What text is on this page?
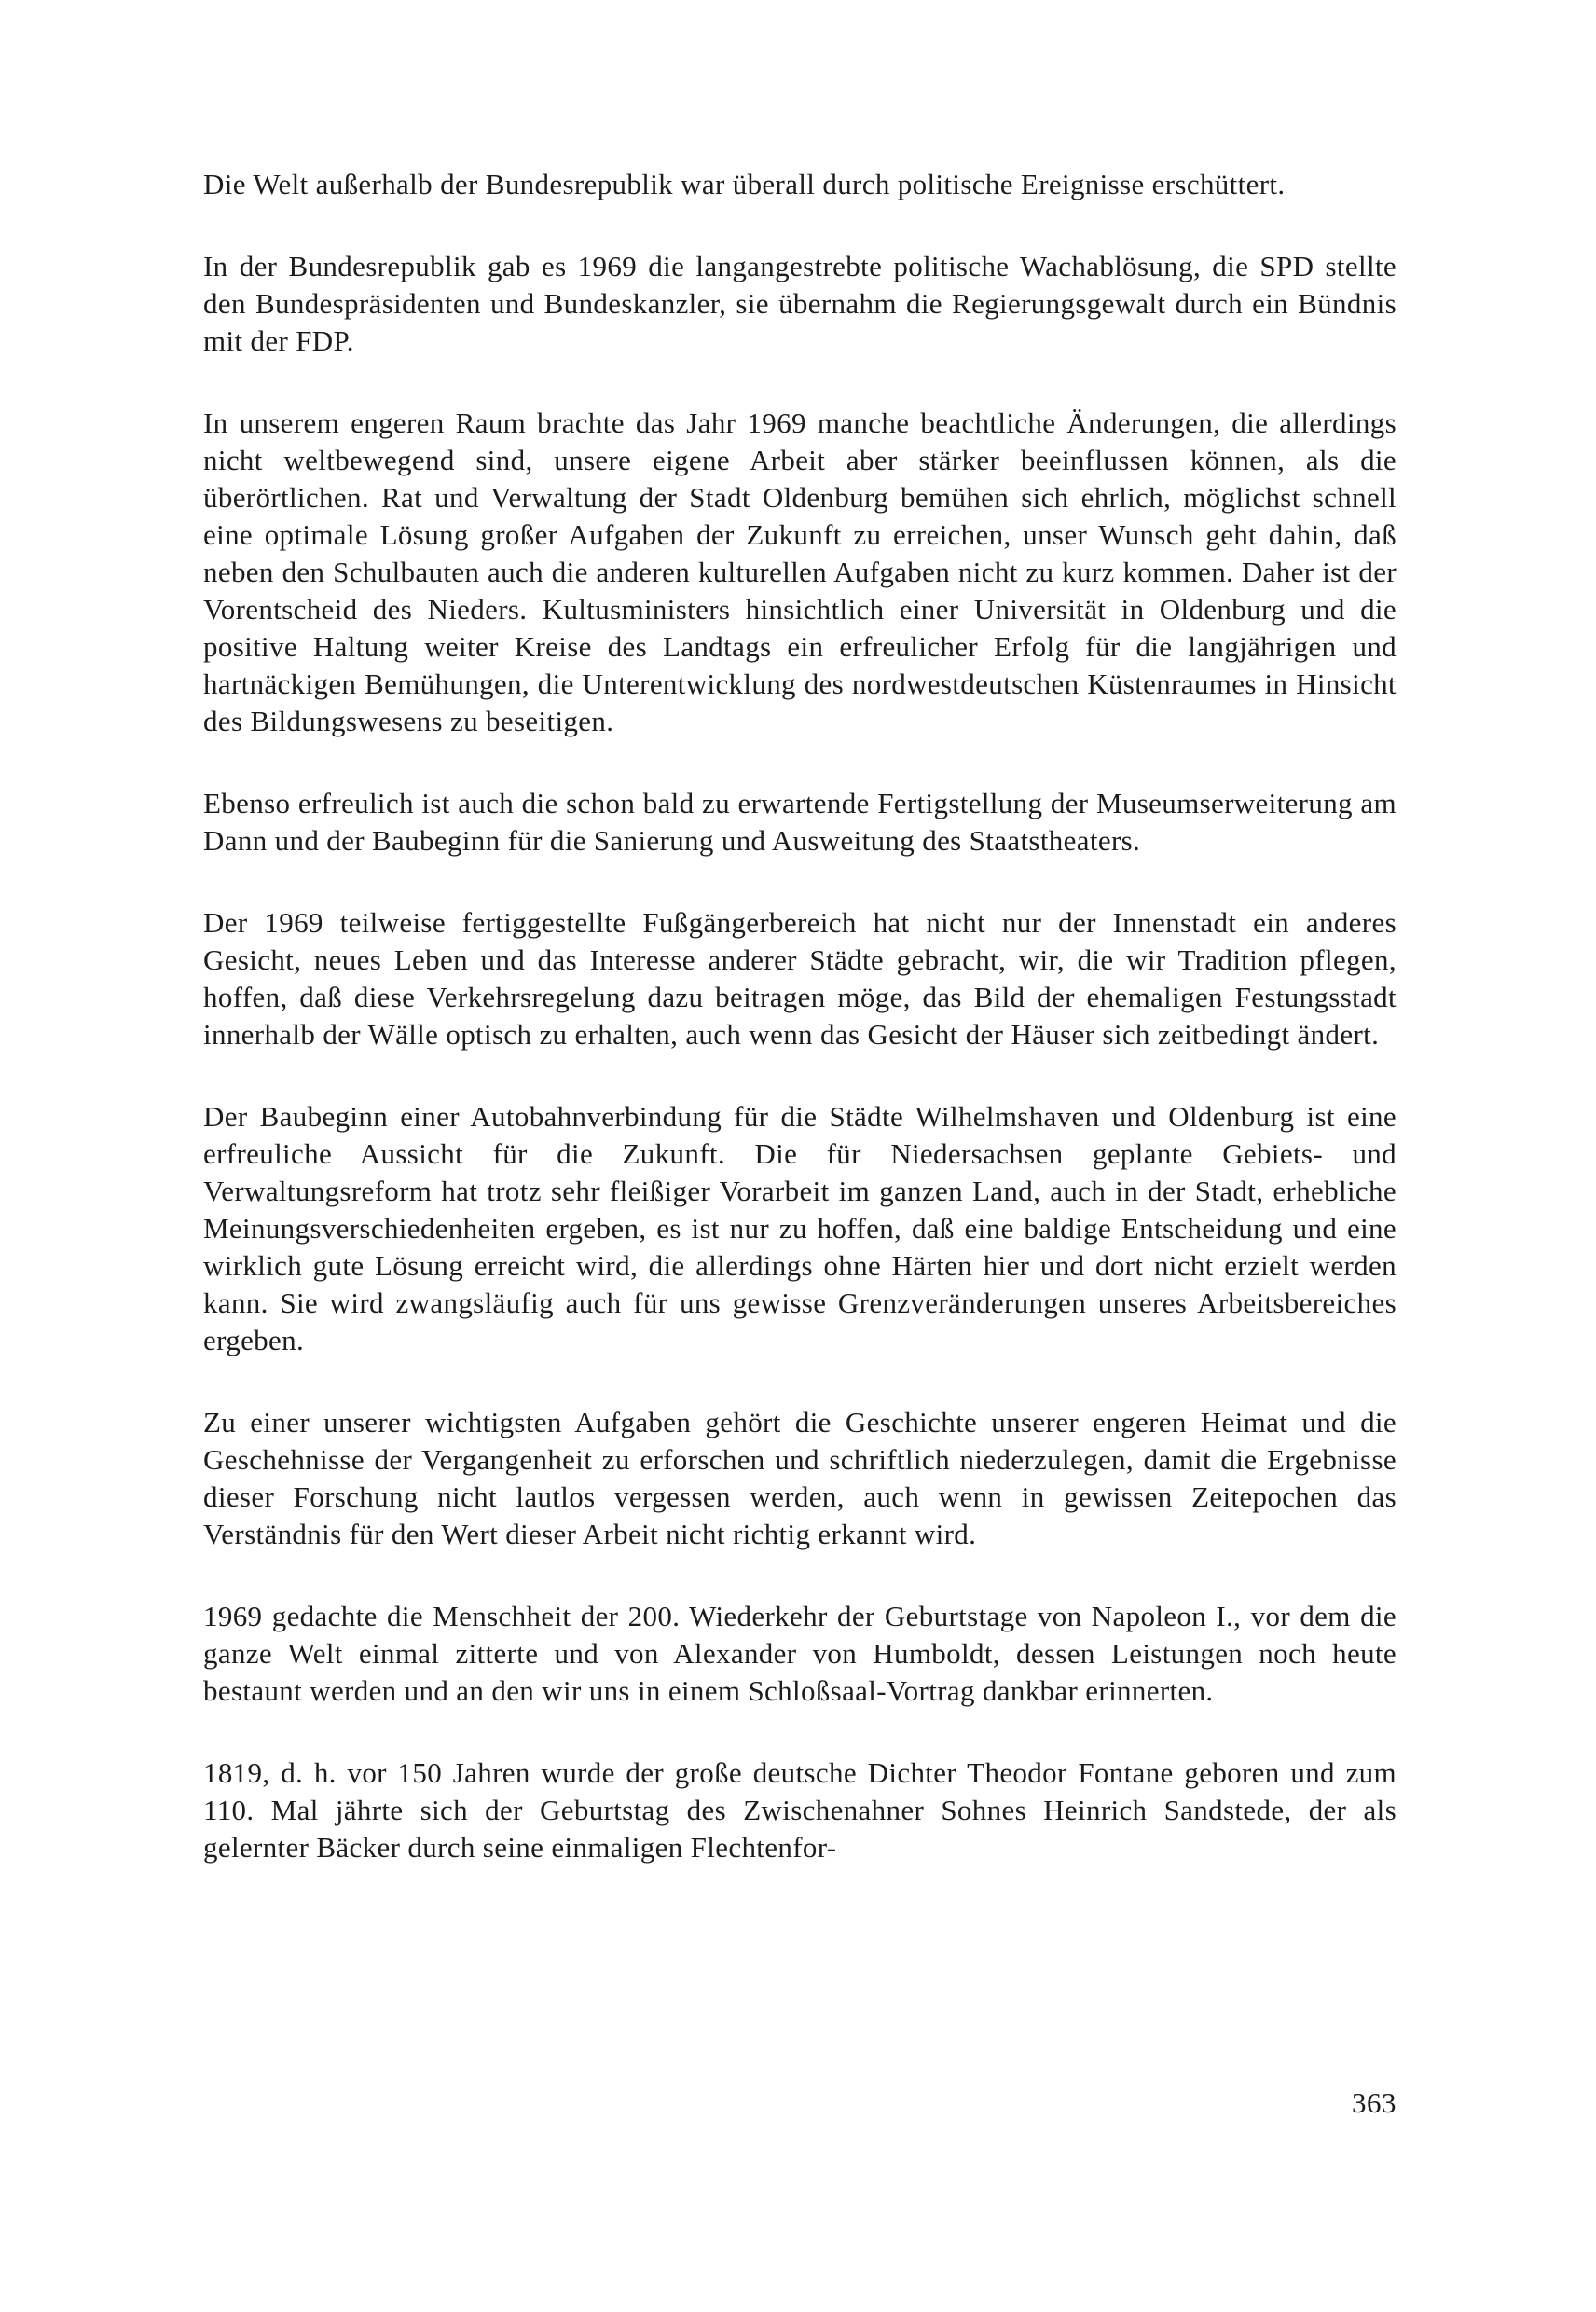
Die Welt außerhalb der Bundesrepublik war überall durch politische Ereignisse erschüttert.

In der Bundesrepublik gab es 1969 die langangestrebte politische Wachablösung, die SPD stellte den Bundespräsidenten und Bundeskanzler, sie übernahm die Regierungsgewalt durch ein Bündnis mit der FDP.

In unserem engeren Raum brachte das Jahr 1969 manche beachtliche Änderungen, die allerdings nicht weltbewegend sind, unsere eigene Arbeit aber stärker beeinflussen können, als die überörtlichen. Rat und Verwaltung der Stadt Oldenburg bemühen sich ehrlich, möglichst schnell eine optimale Lösung großer Aufgaben der Zukunft zu erreichen, unser Wunsch geht dahin, daß neben den Schulbauten auch die anderen kulturellen Aufgaben nicht zu kurz kommen. Daher ist der Vorentscheid des Nieders. Kultusministers hinsichtlich einer Universität in Oldenburg und die positive Haltung weiter Kreise des Landtags ein erfreulicher Erfolg für die langjährigen und hartnäckigen Bemühungen, die Unterentwicklung des nordwestdeutschen Küstenraumes in Hinsicht des Bildungswesens zu beseitigen.

Ebenso erfreulich ist auch die schon bald zu erwartende Fertigstellung der Museumserweiterung am Dann und der Baubeginn für die Sanierung und Ausweitung des Staatstheaters.

Der 1969 teilweise fertiggestellte Fußgängerbereich hat nicht nur der Innenstadt ein anderes Gesicht, neues Leben und das Interesse anderer Städte gebracht, wir, die wir Tradition pflegen, hoffen, daß diese Verkehrsregelung dazu beitragen möge, das Bild der ehemaligen Festungsstadt innerhalb der Wälle optisch zu erhalten, auch wenn das Gesicht der Häuser sich zeitbedingt ändert.

Der Baubeginn einer Autobahnverbindung für die Städte Wilhelmshaven und Oldenburg ist eine erfreuliche Aussicht für die Zukunft. Die für Niedersachsen geplante Gebiets- und Verwaltungsreform hat trotz sehr fleißiger Vorarbeit im ganzen Land, auch in der Stadt, erhebliche Meinungsverschiedenheiten ergeben, es ist nur zu hoffen, daß eine baldige Entscheidung und eine wirklich gute Lösung erreicht wird, die allerdings ohne Härten hier und dort nicht erzielt werden kann. Sie wird zwangsläufig auch für uns gewisse Grenzveränderungen unseres Arbeitsbereiches ergeben.

Zu einer unserer wichtigsten Aufgaben gehört die Geschichte unserer engeren Heimat und die Geschehnisse der Vergangenheit zu erforschen und schriftlich niederzulegen, damit die Ergebnisse dieser Forschung nicht lautlos vergessen werden, auch wenn in gewissen Zeitepochen das Verständnis für den Wert dieser Arbeit nicht richtig erkannt wird.

1969 gedachte die Menschheit der 200. Wiederkehr der Geburtstage von Napoleon I., vor dem die ganze Welt einmal zitterte und von Alexander von Humboldt, dessen Leistungen noch heute bestaunt werden und an den wir uns in einem Schloßsaal-Vortrag dankbar erinnerten.

1819, d. h. vor 150 Jahren wurde der große deutsche Dichter Theodor Fontane geboren und zum 110. Mal jährte sich der Geburtstag des Zwischenahner Sohnes Heinrich Sandstede, der als gelernter Bäcker durch seine einmaligen Flechtenfor-

363
